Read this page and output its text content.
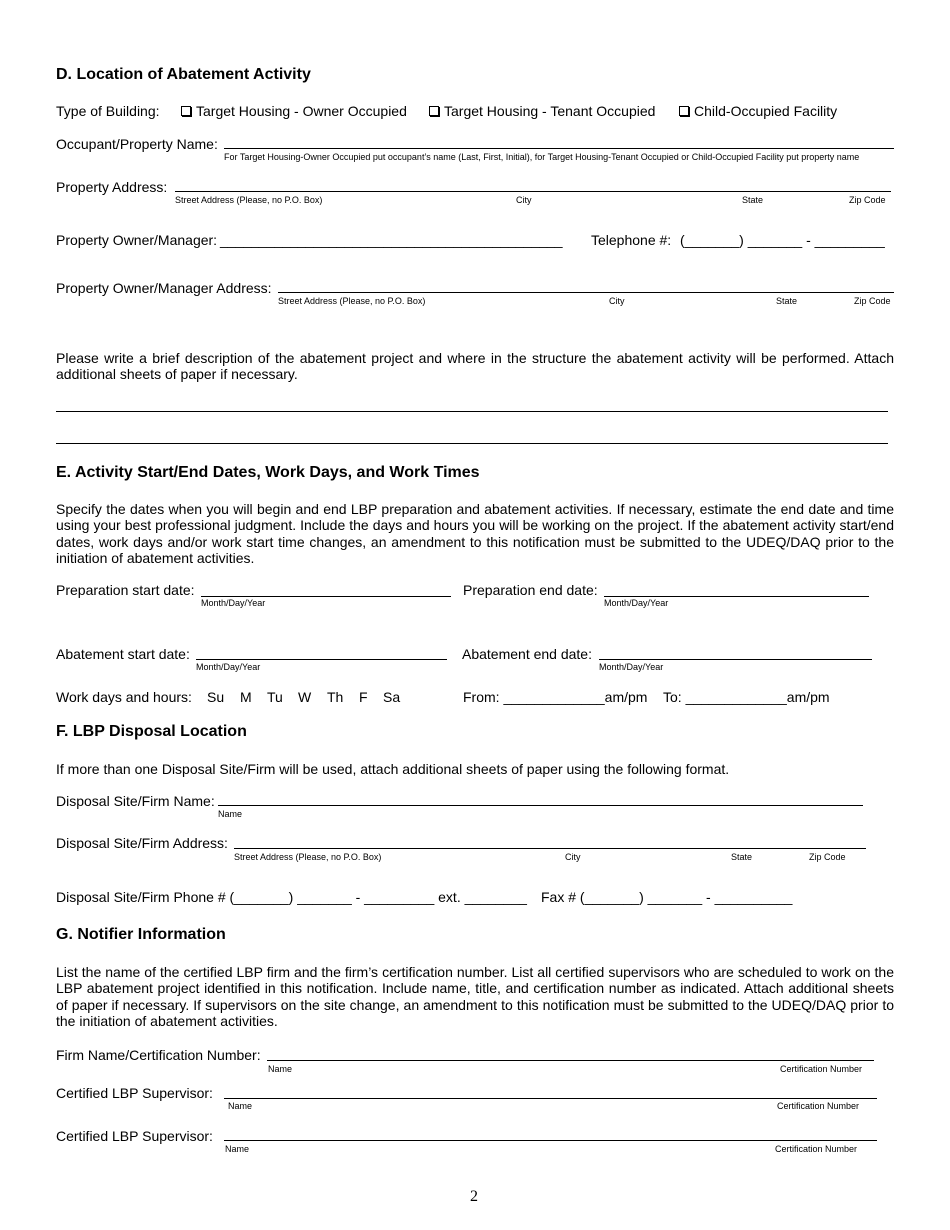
D. Location of Abatement Activity
Type of Building:	Target Housing - Owner Occupied	Target Housing - Tenant Occupied	Child-Occupied Facility
Occupant/Property Name:
For Target Housing-Owner Occupied put occupant’s name (Last, First, Initial), for Target Housing-Tenant Occupied or Child-Occupied Facility put property name
Property Address:
Street Address (Please, no P.O. Box)	City	State	Zip Code
Property Owner/Manager: ____________________________________________ Telephone #: (_______) _______ - _________
Property Owner/Manager Address:
Street Address (Please, no P.O. Box)	City	State	Zip Code
Please write a brief description of the abatement project and where in the structure the abatement activity will be performed. Attach additional sheets of paper if necessary.
E. Activity Start/End Dates, Work Days, and Work Times
Specify the dates when you will begin and end LBP preparation and abatement activities. If necessary, estimate the end date and time using your best professional judgment. Include the days and hours you will be working on the project. If the abatement activity start/end dates, work days and/or work start time changes, an amendment to this notification must be submitted to the UDEQ/DAQ prior to the initiation of abatement activities.
Preparation start date:
Month/Day/Year
Preparation end date:
Month/Day/Year
Abatement start date:
Month/Day/Year
Abatement end date:
Month/Day/Year
Work days and hours: Su M Tu W Th F Sa	From: _____________am/pm To: _____________am/pm
F. LBP Disposal Location
If more than one Disposal Site/Firm will be used, attach additional sheets of paper using the following format.
Disposal Site/Firm Name:
Name
Disposal Site/Firm Address:
Street Address (Please, no P.O. Box)	City	State	Zip Code
Disposal Site/Firm Phone # (_______) _______ - _________ ext. ________ Fax # (_______) _______ - __________
G. Notifier Information
List the name of the certified LBP firm and the firm’s certification number. List all certified supervisors who are scheduled to work on the LBP abatement project identified in this notification. Include name, title, and certification number as indicated. Attach additional sheets of paper if necessary. If supervisors on the site change, an amendment to this notification must be submitted to the UDEQ/DAQ prior to the initiation of abatement activities.
Firm Name/Certification Number:
Name	Certification Number
Certified LBP Supervisor:
Name	Certification Number
Certified LBP Supervisor:
Name	Certification Number
2
